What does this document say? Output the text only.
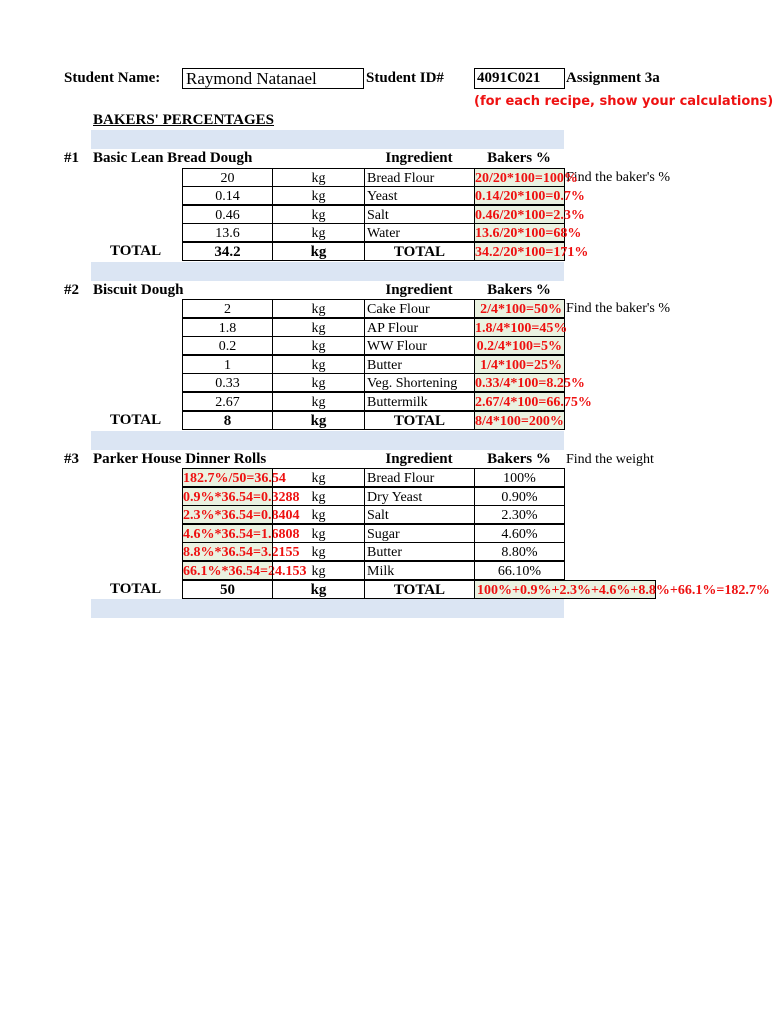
Student Name: Raymond Natanael	Student ID# 4091C021 Assignment 3a
(for each recipe, show your calculations)
BAKERS' PERCENTAGES
#1 Basic Lean Bread Dough	Ingredient	Bakers %
Find the baker's %
20	kg	Bread Flour	20/20*100=100%
0.14	kg	Yeast	0.14/20*100=0.7%
0.46	kg	Salt	0.46/20*100=2.3%
13.6	kg	Water	13.6/20*100=68%
TOTAL	34.2	kg	TOTAL	34.2/20*100=171%
#2 Biscuit Dough	Ingredient	Bakers %
Find the baker's %
2	kg	Cake Flour	2/4*100=50%
1.8	kg	AP Flour	1.8/4*100=45%
0.2	kg	WW Flour	0.2/4*100=5%
1	kg	Butter	1/4*100=25%
0.33	kg	Veg. Shortening	0.33/4*100=8.25%
2.67	kg	Buttermilk	2.67/4*100=66.75%
TOTAL	8	kg	TOTAL	8/4*100=200%
#3 Parker House Dinner Rolls	Ingredient	Bakers %	Find the weight
182.7%/50=36.54	kg	Bread Flour	100%
0.9%*36.54=0.3288 kg	Dry Yeast	0.90%
2.3%*36.54=0.8404 kg	Salt	2.30%
4.6%*36.54=1.6808 kg	Sugar	4.60%
8.8%*36.54=3.2155 kg	Butter	8.80%
66.1%*36.54=24.153 kg	Milk	66.10%
TOTAL	50	kg	TOTAL	100%+0.9%+2.3%+4.6%+8.8%+66.1%=182.7%
